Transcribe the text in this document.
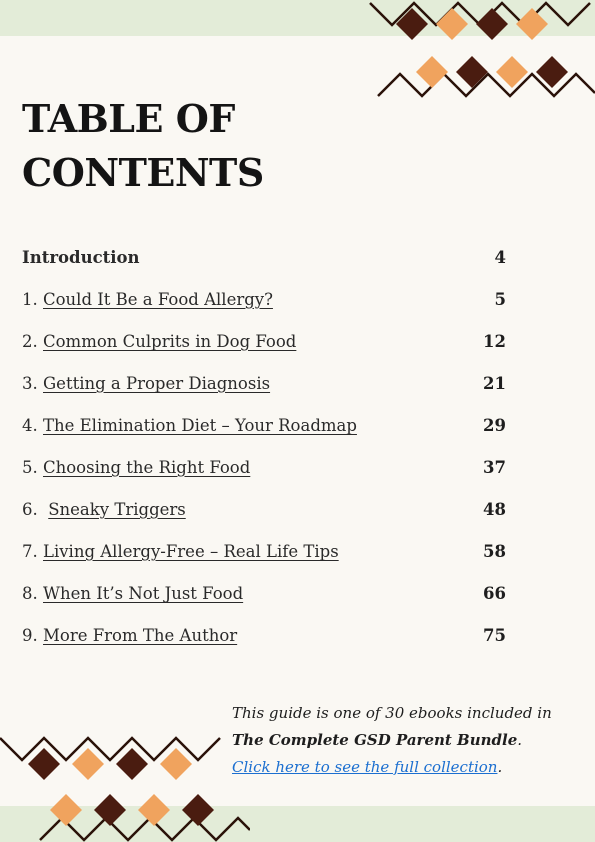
TABLE OF
CONTENTS
Introduction	4
1. Could It Be a Food Allergy?	5
2. Common Culprits in Dog Food	12
3. Getting a Proper Diagnosis	21
4. The Elimination Diet – Your Roadmap	29
5. Choosing the Right Food	37
6.  Sneaky Triggers	48
7. Living Allergy-Free – Real Life Tips	58
8. When It’s Not Just Food	66
9. More From The Author	75

This guide is one of 30 ebooks included in The Complete GSD Parent Bundle.
Click here to see the full collection.
